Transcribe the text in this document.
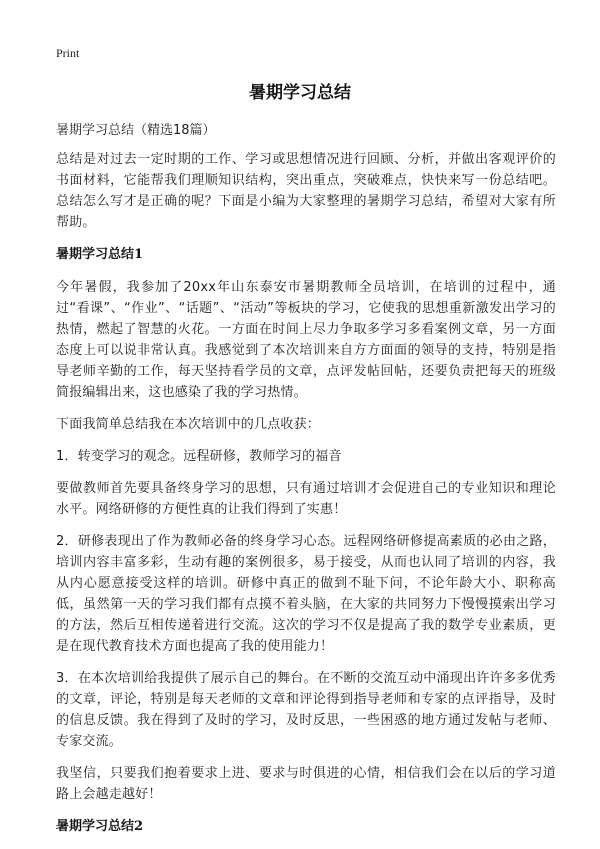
Print
暑期学习总结
暑期学习总结（精选18篇）

总结是对过去一定时期的工作、学习或思想情况进行回顾、分析，并做出客观评价的书面材料，它能帮我们理顺知识结构，突出重点，突破难点，快快来写一份总结吧。总结怎么写才是正确的呢？下面是小编为大家整理的暑期学习总结，希望对大家有所帮助。

暑期学习总结1

今年暑假，我参加了20xx年山东泰安市暑期教师全员培训，在培训的过程中，通过“看课”、“作业”、“话题”、“活动”等板块的学习，它使我的思想重新激发出学习的热情，燃起了智慧的火花。一方面在时间上尽力争取多学习多看案例文章，另一方面态度上可以说非常认真。我感觉到了本次培训来自方方面面的领导的支持，特别是指导老师辛勤的工作，每天坚持看学员的文章，点评发帖回帖，还要负责把每天的班级简报编辑出来，这也感染了我的学习热情。

下面我简单总结我在本次培训中的几点收获：

1．转变学习的观念。远程研修，教师学习的福音

要做教师首先要具备终身学习的思想，只有通过培训才会促进自己的专业知识和理论水平。网络研修的方便性真的让我们得到了实惠！

2．研修表现出了作为教师必备的终身学习心态。远程网络研修提高素质的必由之路，培训内容丰富多彩，生动有趣的案例很多，易于接受，从而也认同了培训的内容，我从内心愿意接受这样的培训。研修中真正的做到不耻下问，不论年龄大小、职称高低，虽然第一天的学习我们都有点摸不着头脑，在大家的共同努力下慢慢摸索出学习的方法，然后互相传递着进行交流。这次的学习不仅是提高了我的数学专业素质，更是在现代教育技术方面也提高了我的使用能力！

3．在本次培训给我提供了展示自己的舞台。在不断的交流互动中涌现出许许多多优秀的文章，评论，特别是每天老师的文章和评论得到指导老师和专家的点评指导，及时的信息反馈。我在得到了及时的学习，及时反思，一些困惑的地方通过发帖与老师、专家交流。

我坚信，只要我们抱着要求上进、要求与时俱进的心情，相信我们会在以后的学习道路上会越走越好！

暑期学习总结2
